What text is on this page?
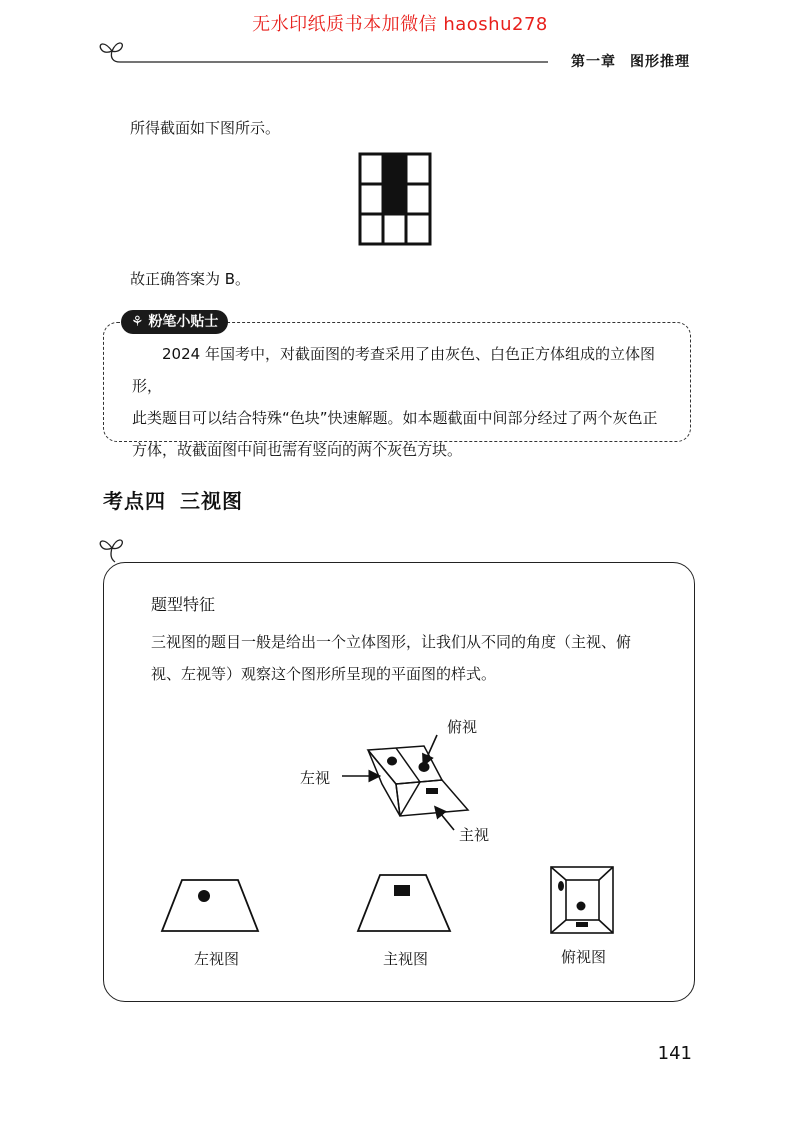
无水印纸质书本加微信 haoshu278
第一章 图形推理
所得截面如下图所示。
故正确答案为 B。
⚘ 粉笔小贴士

2024 年国考中，对截面图的考查采用了由灰色、白色正方体组成的立体图形，

此类题目可以结合特殊“色块”快速解题。如本题截面中间部分经过了两个灰色正

方体，故截面图中间也需有竖向的两个灰色方块。

考点四 三视图
题型特征

三视图的题目一般是给出一个立体图形，让我们从不同的角度（主视、俯

视、左视等）观察这个图形所呈现的平面图的样式。

俯视
左视
主视
左视图	主视图	俯视图
141
